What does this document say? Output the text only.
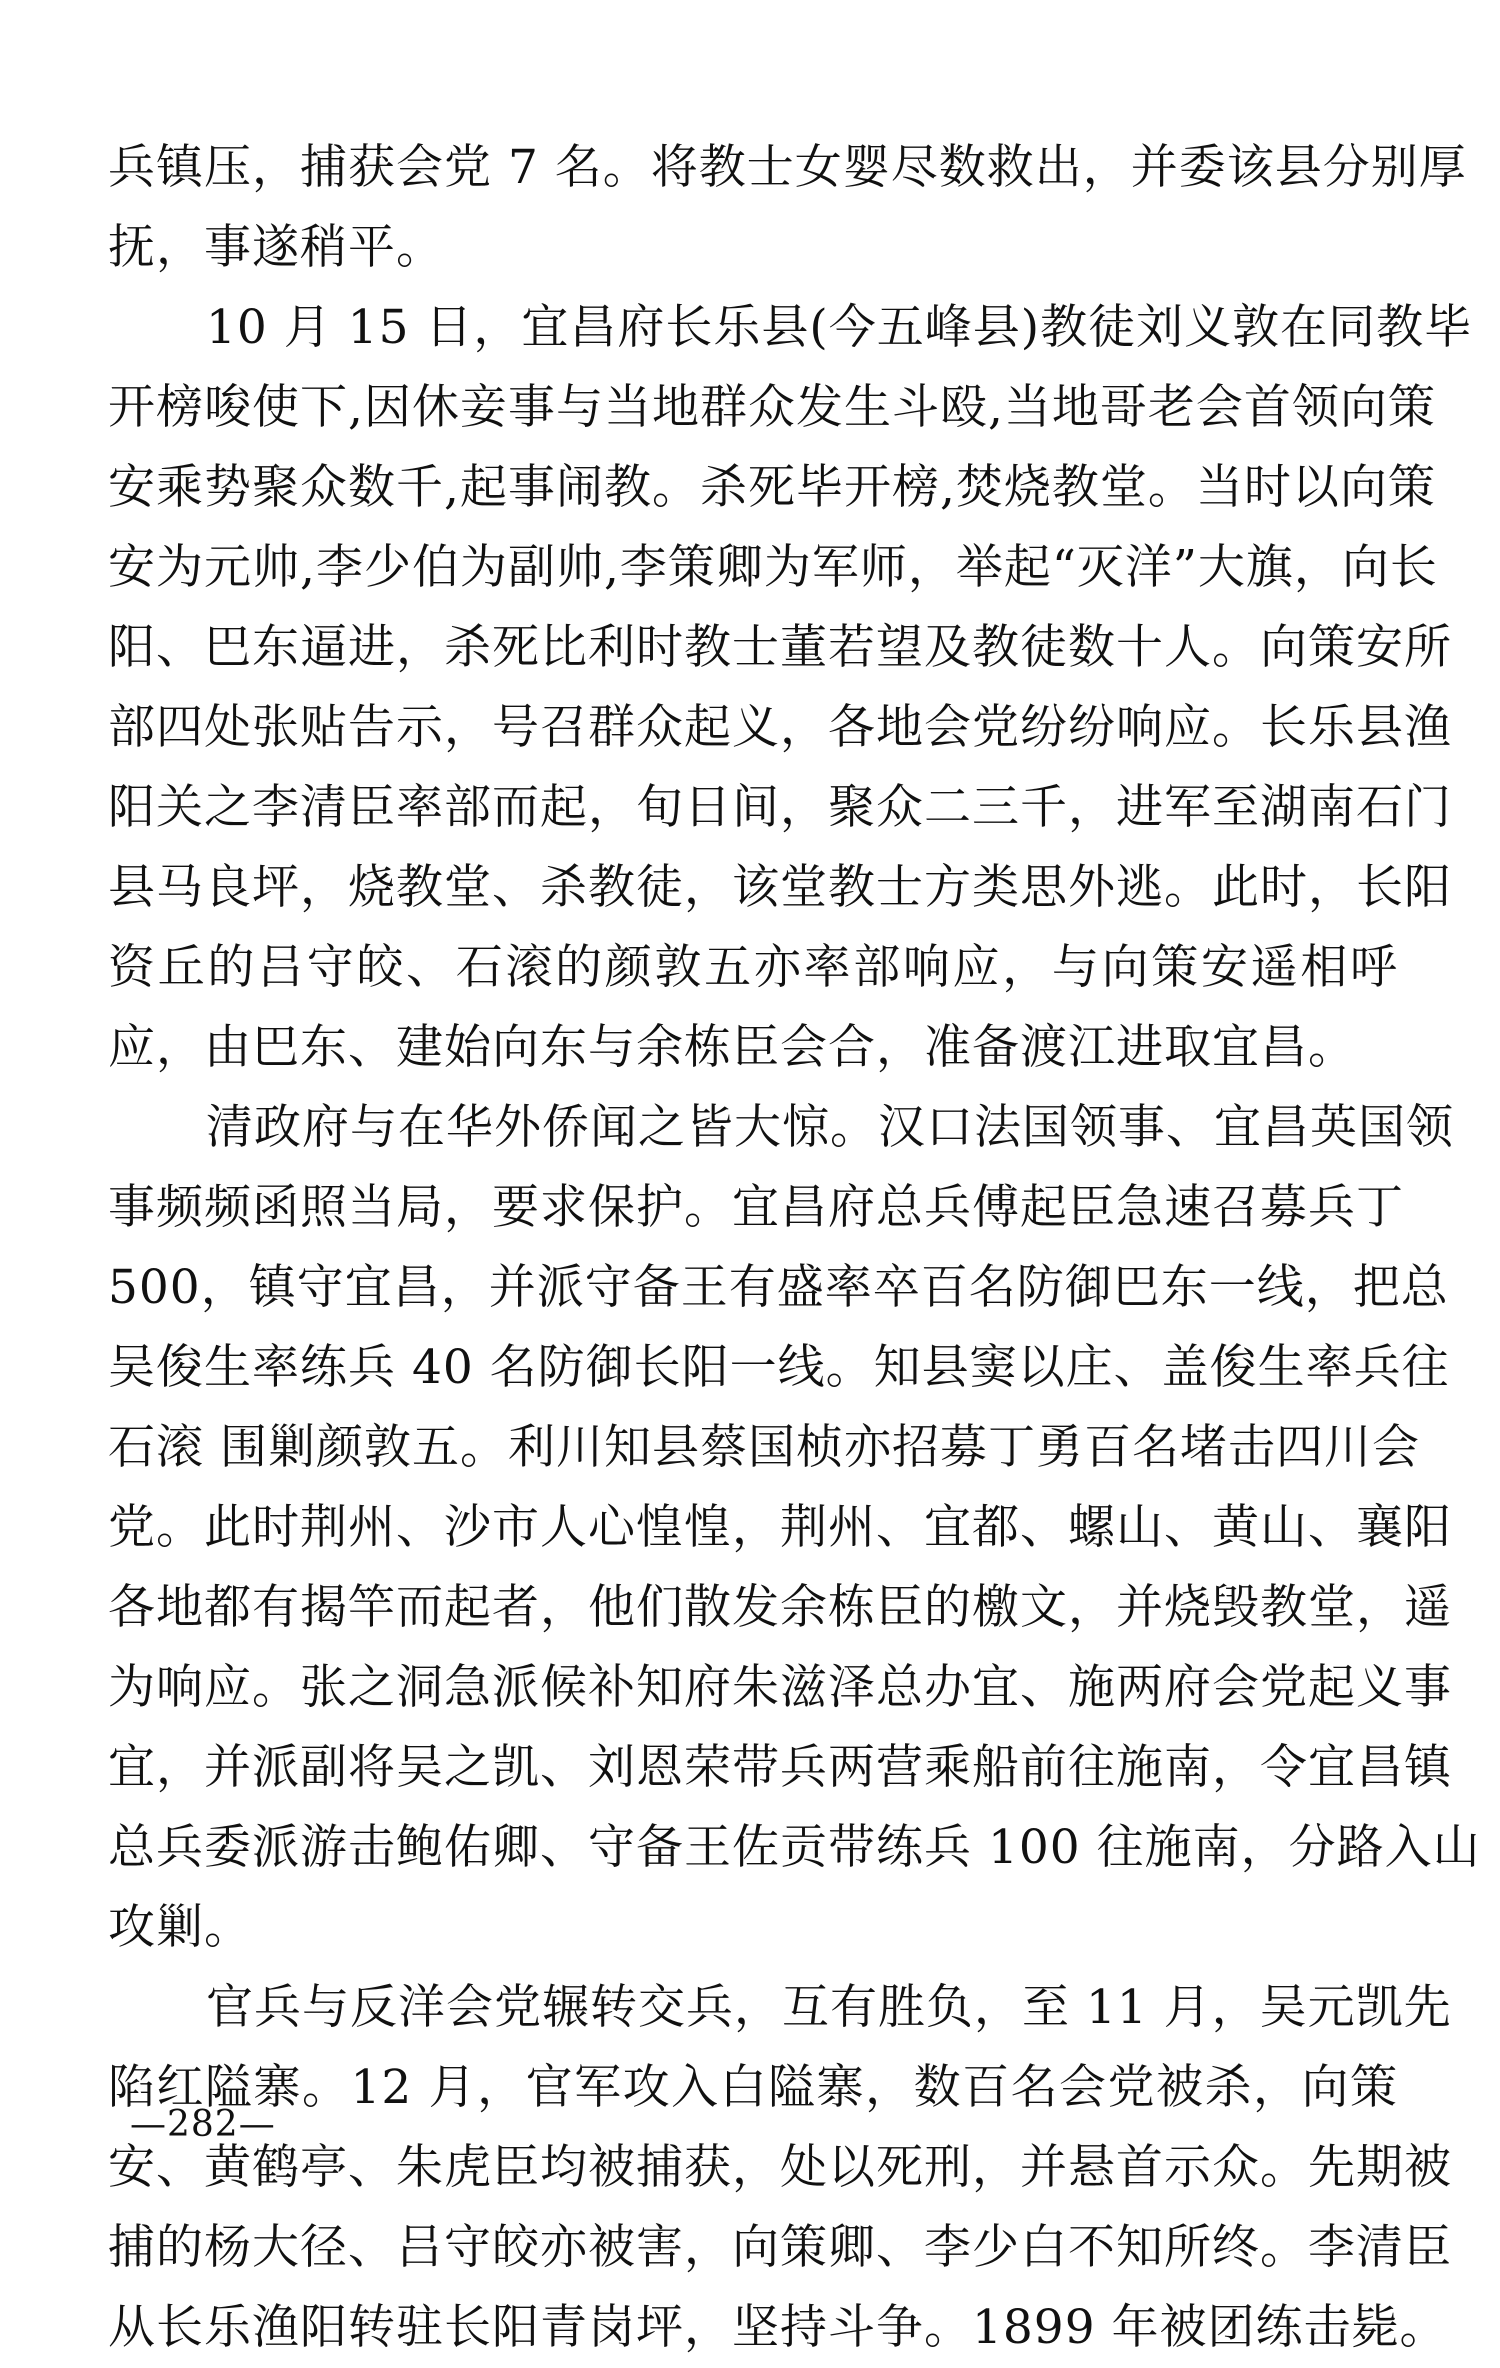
兵镇压，捕获会党 7 名。将教士女婴尽数救出，并委该县分别厚
抚，事遂稍平。
10 月 15 日，宜昌府长乐县(今五峰县)教徒刘义敦在同教毕
开榜唆使下,因休妾事与当地群众发生斗殴,当地哥老会首领向策
安乘势聚众数千,起事闹教。杀死毕开榜,焚烧教堂。当时以向策
安为元帅,李少伯为副帅,李策卿为军师，举起“灭洋”大旗，向长
阳、巴东逼进，杀死比利时教士董若望及教徒数十人。向策安所
部四处张贴告示，号召群众起义，各地会党纷纷响应。长乐县渔
阳关之李清臣率部而起，旬日间，聚众二三千，进军至湖南石门
县马良坪，烧教堂、杀教徒，该堂教士方类思外逃。此时，长阳
资丘的吕守皎、石滚的颜敦五亦率部响应，与向策安遥相呼
应，由巴东、建始向东与余栋臣会合，准备渡江进取宜昌。
清政府与在华外侨闻之皆大惊。汉口法国领事、宜昌英国领
事频频函照当局，要求保护。宜昌府总兵傅起臣急速召募兵丁
500，镇守宜昌，并派守备王有盛率卒百名防御巴东一线，把总
吴俊生率练兵 40 名防御长阳一线。知县窦以庄、盖俊生率兵往
石滚 围剿颜敦五。利川知县蔡国桢亦招募丁勇百名堵击四川会
党。此时荆州、沙市人心惶惶，荆州、宜都、螺山、黄山、襄阳
各地都有揭竿而起者，他们散发余栋臣的檄文，并烧毁教堂，遥
为响应。张之洞急派候补知府朱滋泽总办宜、施两府会党起义事
宜，并派副将吴之凯、刘恩荣带兵两营乘船前往施南，令宜昌镇
总兵委派游击鲍佑卿、守备王佐贡带练兵 100 往施南，分路入山
攻剿。
官兵与反洋会党辗转交兵，互有胜负，至 11 月，吴元凯先
陷红隘寨。12 月，官军攻入白隘寨，数百名会党被杀，向策
安、黄鹤亭、朱虎臣均被捕获，处以死刑，并悬首示众。先期被
捕的杨大径、吕守皎亦被害，向策卿、李少白不知所终。李清臣
从长乐渔阳转驻长阳青岗坪，坚持斗争。1899 年被团练击毙。
—282—
